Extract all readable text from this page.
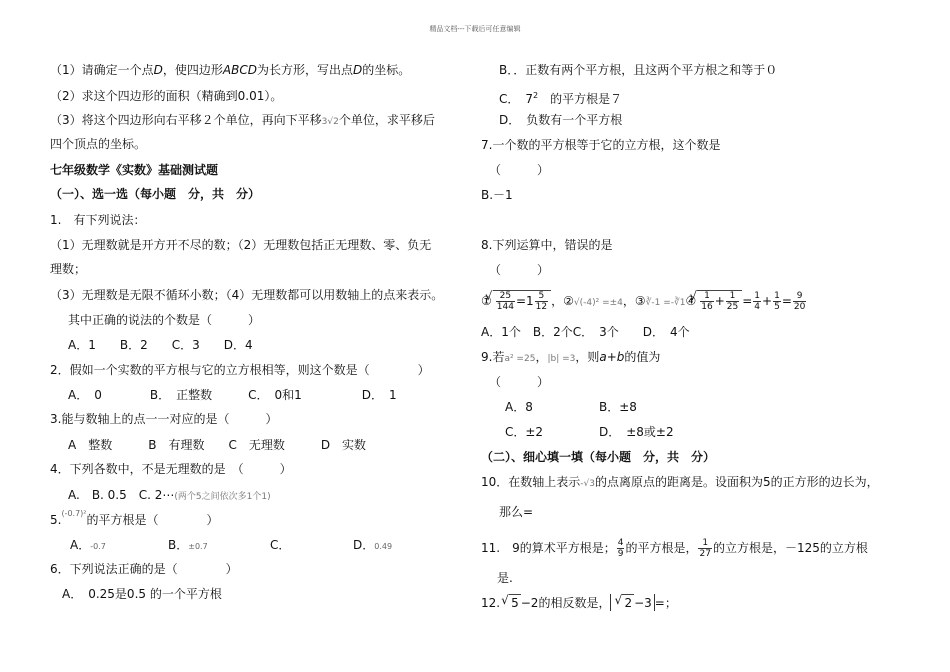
精品文档---下载后可任意编辑
（1）请确定一个点D，使四边形ABCD为长方形，写出点D的坐标。
（2）求这个四边形的面积（精确到0.01）。
（3）将这个四边形向右平移２个单位，再向下平移3√2个单位，求平移后
四个顶点的坐标。
七年级数学《实数》基础测试题
（一）、选一选（每小题　分，共　分）
1.　有下列说法：
（1）无理数就是开方开不尽的数；（2）无理数包括正无理数、零、负无
理数；
（3）无理数是无限不循环小数；（4）无理数都可以用数轴上的点来表示。
其中正确的说法的个数是（　　　）
A．1　　B．2　　C．3　　D．4
2．假如一个实数的平方根与它的立方根相等，则这个数是（　　　　）
A．　0　　　　B．　正整数　　　C．　0和1　　　　　D．　1
3.能与数轴上的点一一对应的是（　　　）
A　整数　　　B　有理数　　C　无理数　　　D　实数
4．下列各数中，不是无理数的是　（　　　）
A.　B. 0.5　C. 2⋯(两个5之间依次多1个1)
5.$^{(-0.7)^2}$的平方根是（　　　　）
A．-0.7	B．±0.7	C．	D．0.49
6．下列说法正确的是（　　　　）
A．　0.25是0.5 的一个平方根
B．．正数有两个平方根，且这两个平方根之和等于０
C．　$7^2$　的平方根是７
D．　负数有一个平方根
7.一个数的平方根等于它的立方根，这个数是
（　　　）
B.－1
8.下列运算中，错误的是
（　　　）
① √ $\frac{25}{144} =1 \frac{5}{12}$ ，②√(-4)² =±4，③∛-1 =-∛1④ √ $\frac{1}{16} + \frac{1}{25} = \frac{1}{4} + \frac{1}{5} = \frac{9}{20}$
A．1个　B．2个C．　3个　　D．　4个
9.若a² =25，|b| =3，则a+b的值为
（　　　）
A．8	B．±8
C．±2	D．　±8或±2
（二）、细心填一填（每小题　分，共　分）
10．在数轴上表示-√3的点离原点的距离是。设面积为5的正方形的边长为，
那么=
11.　9的算术平方根是； $\frac{4}{9}$ 的平方根是， $\frac{1}{27}$ 的立方根是，－125的立方根
是.
12. √ 5 −2的相反数是， √ 2 −3 =；
